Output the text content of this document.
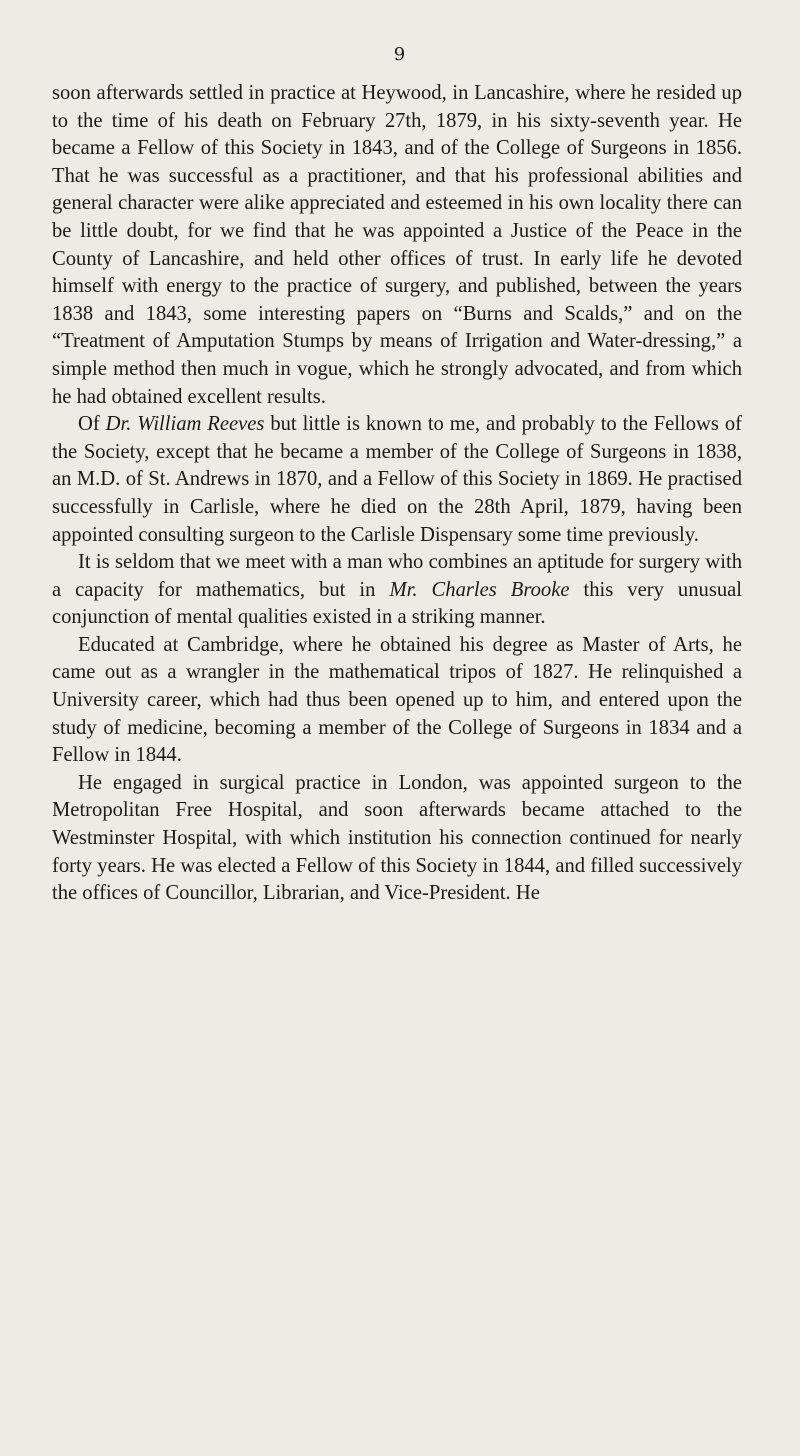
9

soon afterwards settled in practice at Heywood, in Lancashire, where he resided up to the time of his death on February 27th, 1879, in his sixty-seventh year. He became a Fellow of this Society in 1843, and of the College of Surgeons in 1856. That he was successful as a practitioner, and that his professional abilities and general character were alike appreciated and esteemed in his own locality there can be little doubt, for we find that he was appointed a Justice of the Peace in the County of Lancashire, and held other offices of trust. In early life he devoted himself with energy to the practice of surgery, and published, between the years 1838 and 1843, some interesting papers on “Burns and Scalds,” and on the “Treatment of Amputation Stumps by means of Irrigation and Water-dressing,” a simple method then much in vogue, which he strongly advocated, and from which he had obtained excellent results.

Of Dr. William Reeves but little is known to me, and probably to the Fellows of the Society, except that he became a member of the College of Surgeons in 1838, an M.D. of St. Andrews in 1870, and a Fellow of this Society in 1869. He practised successfully in Carlisle, where he died on the 28th April, 1879, having been appointed consulting surgeon to the Carlisle Dispensary some time previously.

It is seldom that we meet with a man who combines an aptitude for surgery with a capacity for mathematics, but in Mr. Charles Brooke this very unusual conjunction of mental qualities existed in a striking manner.

Educated at Cambridge, where he obtained his degree as Master of Arts, he came out as a wrangler in the mathematical tripos of 1827. He relinquished a University career, which had thus been opened up to him, and entered upon the study of medicine, becoming a member of the College of Surgeons in 1834 and a Fellow in 1844.

He engaged in surgical practice in London, was appointed surgeon to the Metropolitan Free Hospital, and soon afterwards became attached to the Westminster Hospital, with which institution his connection continued for nearly forty years. He was elected a Fellow of this Society in 1844, and filled successively the offices of Councillor, Librarian, and Vice-President. He
